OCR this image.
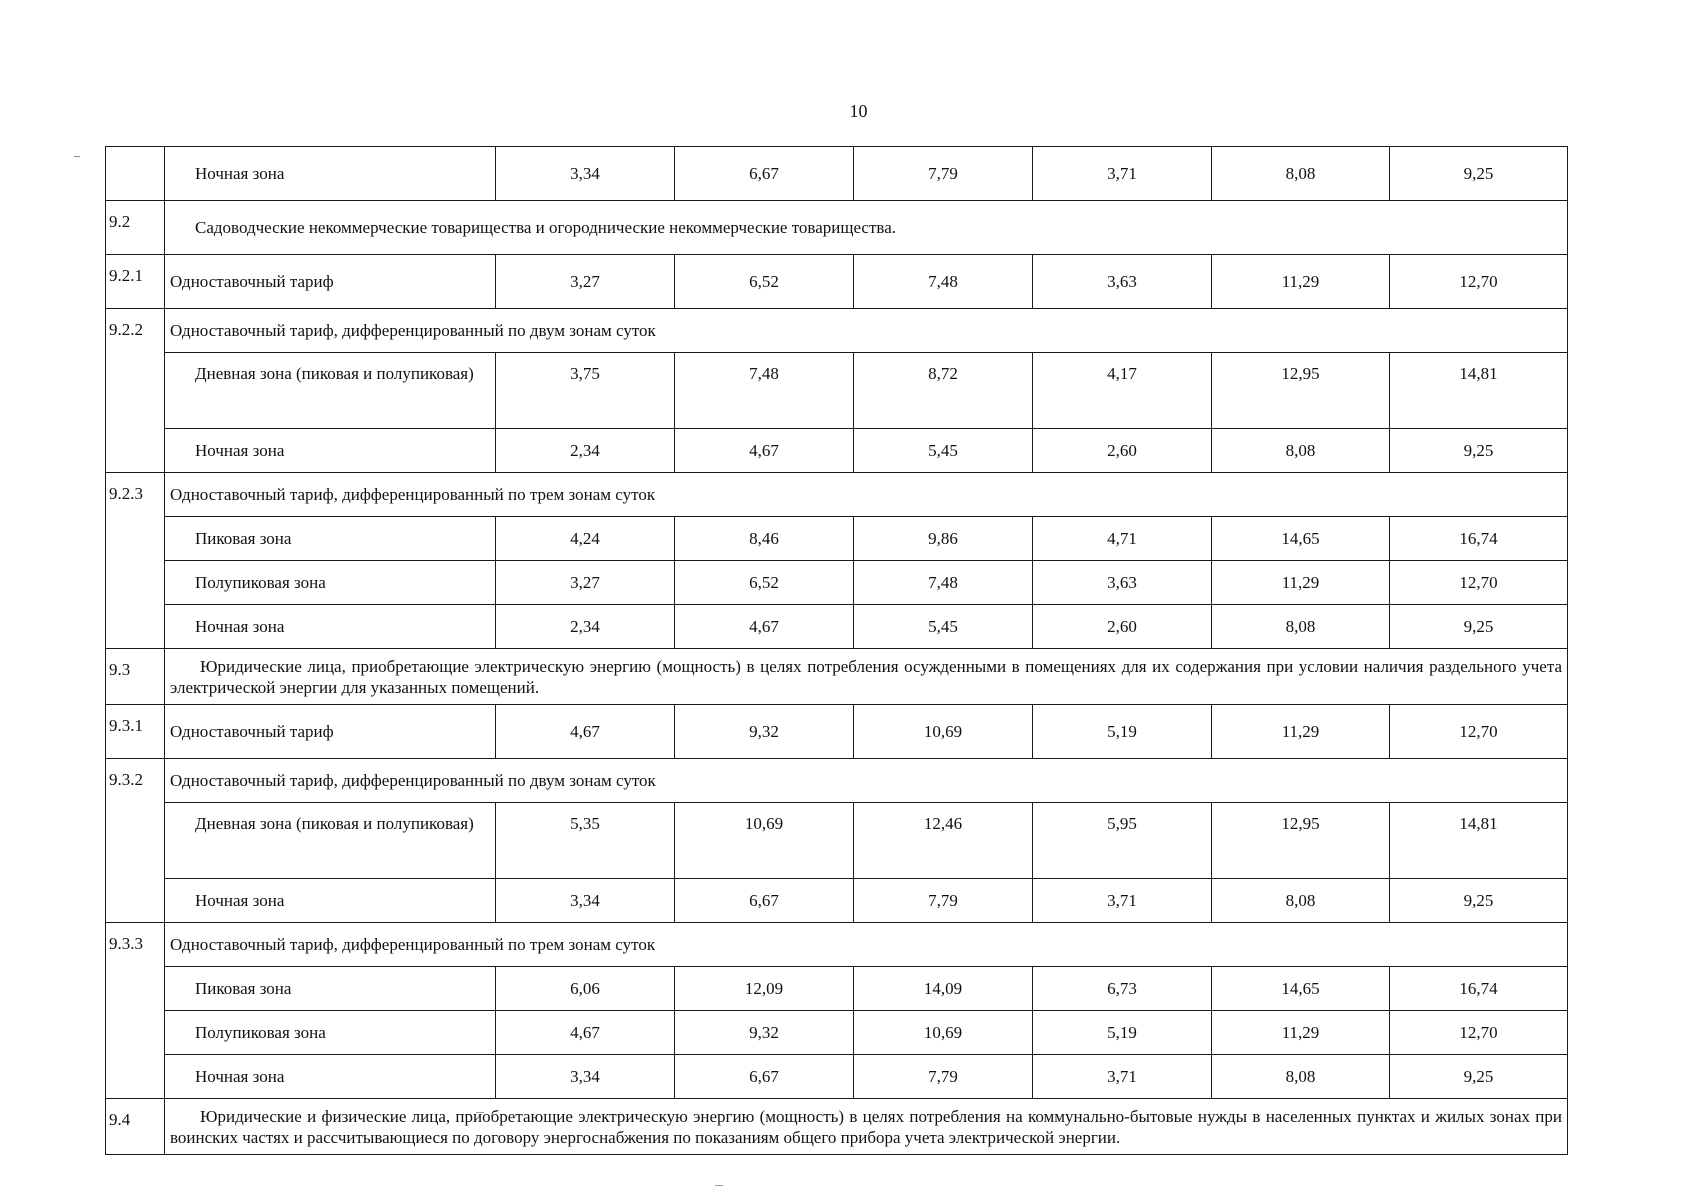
10
	Ночная зона	3,34	6,67	7,79	3,71	8,08	9,25
9.2	Садоводческие некоммерческие товарищества и огороднические некоммерческие товарищества.						
9.2.1	Одноставочный тариф	3,27	6,52	7,48	3,63	11,29	12,70
9.2.2	Одноставочный тариф, дифференцированный по двум зонам суток						
	Дневная зона (пиковая и полупиковая)	3,75	7,48	8,72	4,17	12,95	14,81
	Ночная зона	2,34	4,67	5,45	2,60	8,08	9,25
9.2.3	Одноставочный тариф, дифференцированный по трем зонам суток						
	Пиковая зона	4,24	8,46	9,86	4,71	14,65	16,74
	Полупиковая зона	3,27	6,52	7,48	3,63	11,29	12,70
	Ночная зона	2,34	4,67	5,45	2,60	8,08	9,25
9.3	Юридические лица, приобретающие электрическую энергию (мощность) в целях потребления осужденными в помещениях для их содержания при условии наличия раздельного учета электрической энергии для указанных помещений.						
9.3.1	Одноставочный тариф	4,67	9,32	10,69	5,19	11,29	12,70
9.3.2	Одноставочный тариф, дифференцированный по двум зонам суток						
	Дневная зона (пиковая и полупиковая)	5,35	10,69	12,46	5,95	12,95	14,81
	Ночная зона	3,34	6,67	7,79	3,71	8,08	9,25
9.3.3	Одноставочный тариф, дифференцированный по трем зонам суток						
	Пиковая зона	6,06	12,09	14,09	6,73	14,65	16,74
	Полупиковая зона	4,67	9,32	10,69	5,19	11,29	12,70
	Ночная зона	3,34	6,67	7,79	3,71	8,08	9,25
9.4	Юридические и физические лица, приобретающие электрическую энергию (мощность) в целях потребления на коммунально-бытовые нужды в населенных пунктах и жилых зонах при воинских частях и рассчитывающиеся по договору энергоснабжения по показаниям общего прибора учета электрической энергии.						
